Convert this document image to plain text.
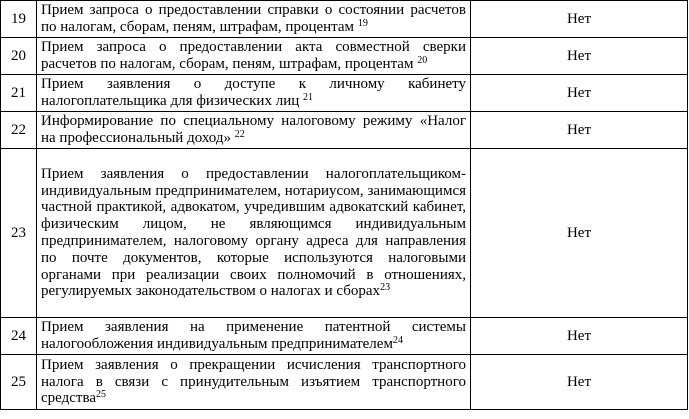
19	Прием запроса о предоставлении справки о состоянии расчетов по налогам, сборам, пеням, штрафам, процентам $^{19}$	Нет
20	Прием запроса о предоставлении акта совместной сверки расчетов по налогам, сборам, пеням, штрафам, процентам $^{20}$	Нет
21	Прием заявления о доступе к личному кабинету налогоплательщика для физических лиц $^{21}$	Нет
22	Информирование по специальному налоговому режиму «Налог на профессиональный доход» $^{22}$	Нет
23	Прием заявления о предоставлении налогоплательщиком-индивидуальным предпринимателем, нотариусом, занимающимся частной практикой, адвокатом, учредившим адвокатский кабинет, физическим лицом, не являющимся индивидуальным предпринимателем, налоговому органу адреса для направления по почте документов, которые используются налоговыми органами при реализации своих полномочий в отношениях, регулируемых законодательством о налогах и сборах$^{23}$	Нет
24	Прием заявления на применение патентной системы налогообложения индивидуальным предпринимателем$^{24}$	Нет
25	Прием заявления о прекращении исчисления транспортного налога в связи с принудительным изъятием транспортного средства$^{25}$	Нет
